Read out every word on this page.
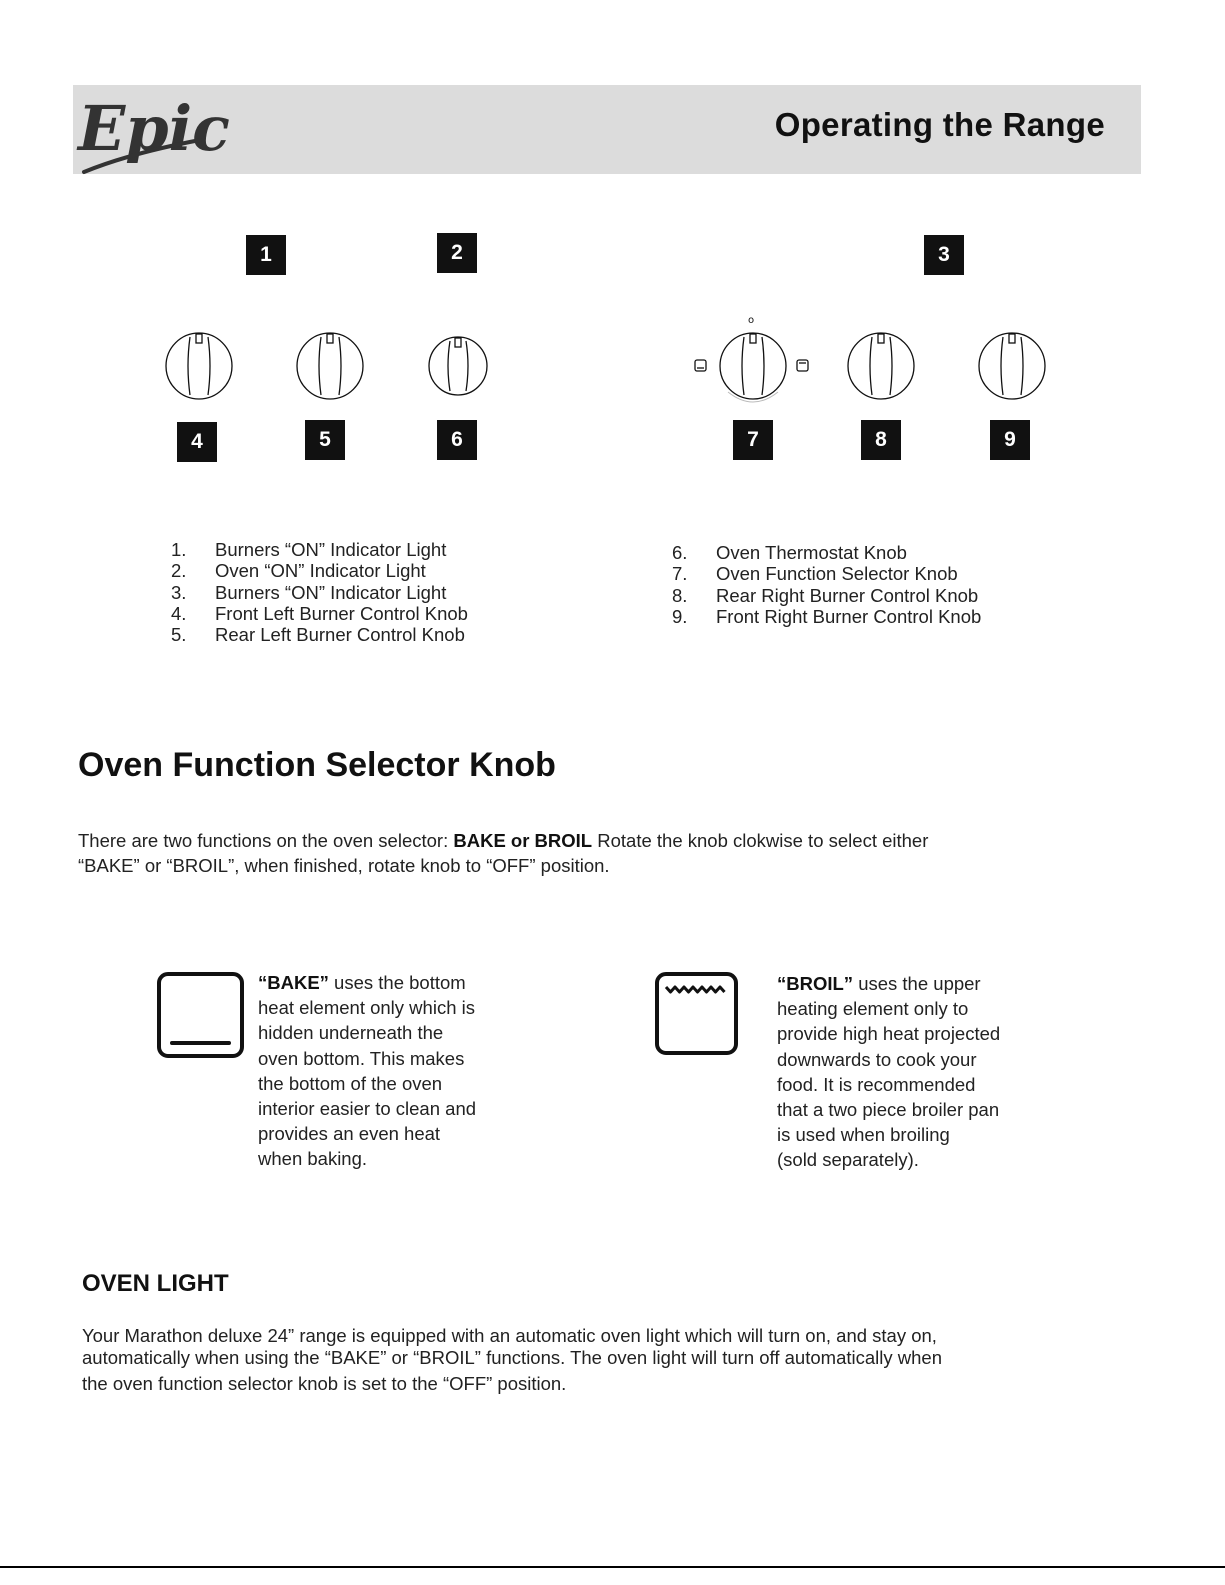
Epic	Operating the Range
1	2	3
4	5	6	7	8	9
o
1. Burners “ON” Indicator Light
2. Oven “ON” Indicator Light
3. Burners “ON” Indicator Light
4. Front Left Burner Control Knob
5. Rear Left Burner Control Knob
6. Oven Thermostat Knob
7. Oven Function Selector Knob
8. Rear Right Burner Control Knob
9. Front Right Burner Control Knob
Oven Function Selector Knob
There are two functions on the oven selector: BAKE or BROIL Rotate the knob clokwise to select either
“BAKE” or “BROIL”, when finished, rotate knob to “OFF” position.
“BAKE” uses the bottom
heat element only which is
hidden underneath the
oven bottom. This makes
the bottom of the oven
interior easier to clean and
provides an even heat
when baking.
“BROIL” uses the upper
heating element only to
provide high heat projected
downwards to cook your
food. It is recommended
that a two piece broiler pan
is used when broiling
(sold separately).
OVEN LIGHT
Your Marathon deluxe 24” range is equipped with an automatic oven light which will turn on, and stay on,
automatically when using the “BAKE” or “BROIL” functions. The oven light will turn off automatically when
the oven function selector knob is set to the “OFF” position.
